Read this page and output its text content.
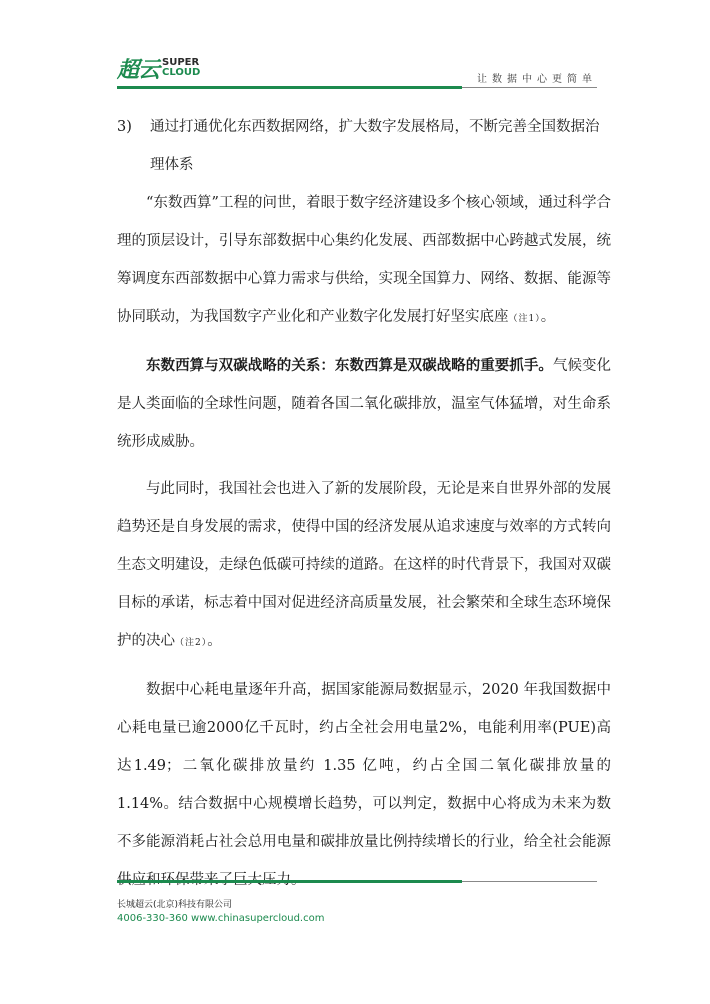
超云 SUPER
CLOUD
让数据中心更简单
3)	通过打通优化东西数据网络，扩大数字发展格局，不断完善全国数据治
理体系

“东数西算”工程的问世，着眼于数字经济建设多个核心领域，通过科学合理的顶层设计，引导东部数据中心集约化发展、西部数据中心跨越式发展，统筹调度东西部数据中心算力需求与供给，实现全国算力、网络、数据、能源等协同联动，为我国数字产业化和产业数字化发展打好坚实底座（注1）。

东数西算与双碳战略的关系：东数西算是双碳战略的重要抓手。气候变化是人类面临的全球性问题，随着各国二氧化碳排放，温室气体猛增，对生命系统形成威胁。

与此同时，我国社会也进入了新的发展阶段，无论是来自世界外部的发展趋势还是自身发展的需求，使得中国的经济发展从追求速度与效率的方式转向生态文明建设，走绿色低碳可持续的道路。在这样的时代背景下，我国对双碳目标的承诺，标志着中国对促进经济高质量发展，社会繁荣和全球生态环境保护的决心（注2）。

数据中心耗电量逐年升高，据国家能源局数据显示，2020 年我国数据中心耗电量已逾2000亿千瓦时，约占全社会用电量2%，电能利用率(PUE)高达1.49；二氧化碳排放量约 1.35 亿吨，约占全国二氧化碳排放量的 1.14%。结合数据中心规模增长趋势，可以判定，数据中心将成为未来为数不多能源消耗占社会总用电量和碳排放量比例持续增长的行业，给全社会能源

长城超云(北京)科技有限公司
4006-330-360 www.chinasupercloud.com
